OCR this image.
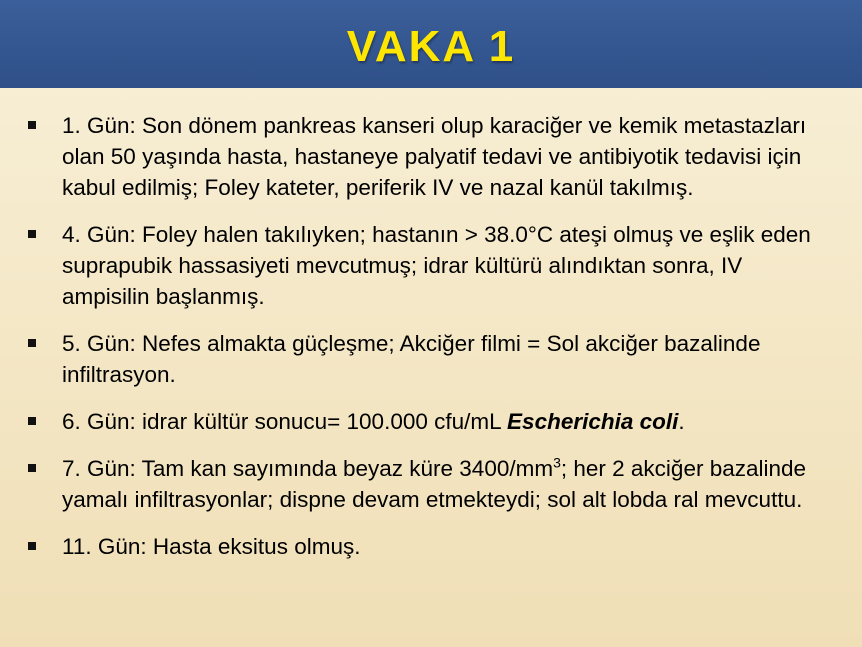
VAKA 1
1. Gün: Son dönem pankreas kanseri olup karaciğer ve kemik metastazları olan 50 yaşında hasta, hastaneye palyatif tedavi ve antibiyotik tedavisi için kabul edilmiş; Foley kateter, periferik IV ve nazal kanül takılmış.
4. Gün: Foley halen takılıyken; hastanın > 38.0°C ateşi olmuş ve eşlik eden suprapubik hassasiyeti mevcutmuş; idrar kültürü alındıktan sonra, IV ampisilin başlanmış.
5. Gün: Nefes almakta güçleşme; Akciğer filmi = Sol akciğer bazalinde infiltrasyon.
6. Gün: idrar kültür sonucu= 100.000 cfu/mL Escherichia coli.
7. Gün: Tam kan sayımında beyaz küre $3400/mm^3$; her 2 akciğer bazalinde yamalı infiltrasyonlar; dispne devam etmekteydi; sol alt lobda ral mevcuttu.
11. Gün: Hasta eksitus olmuş.
